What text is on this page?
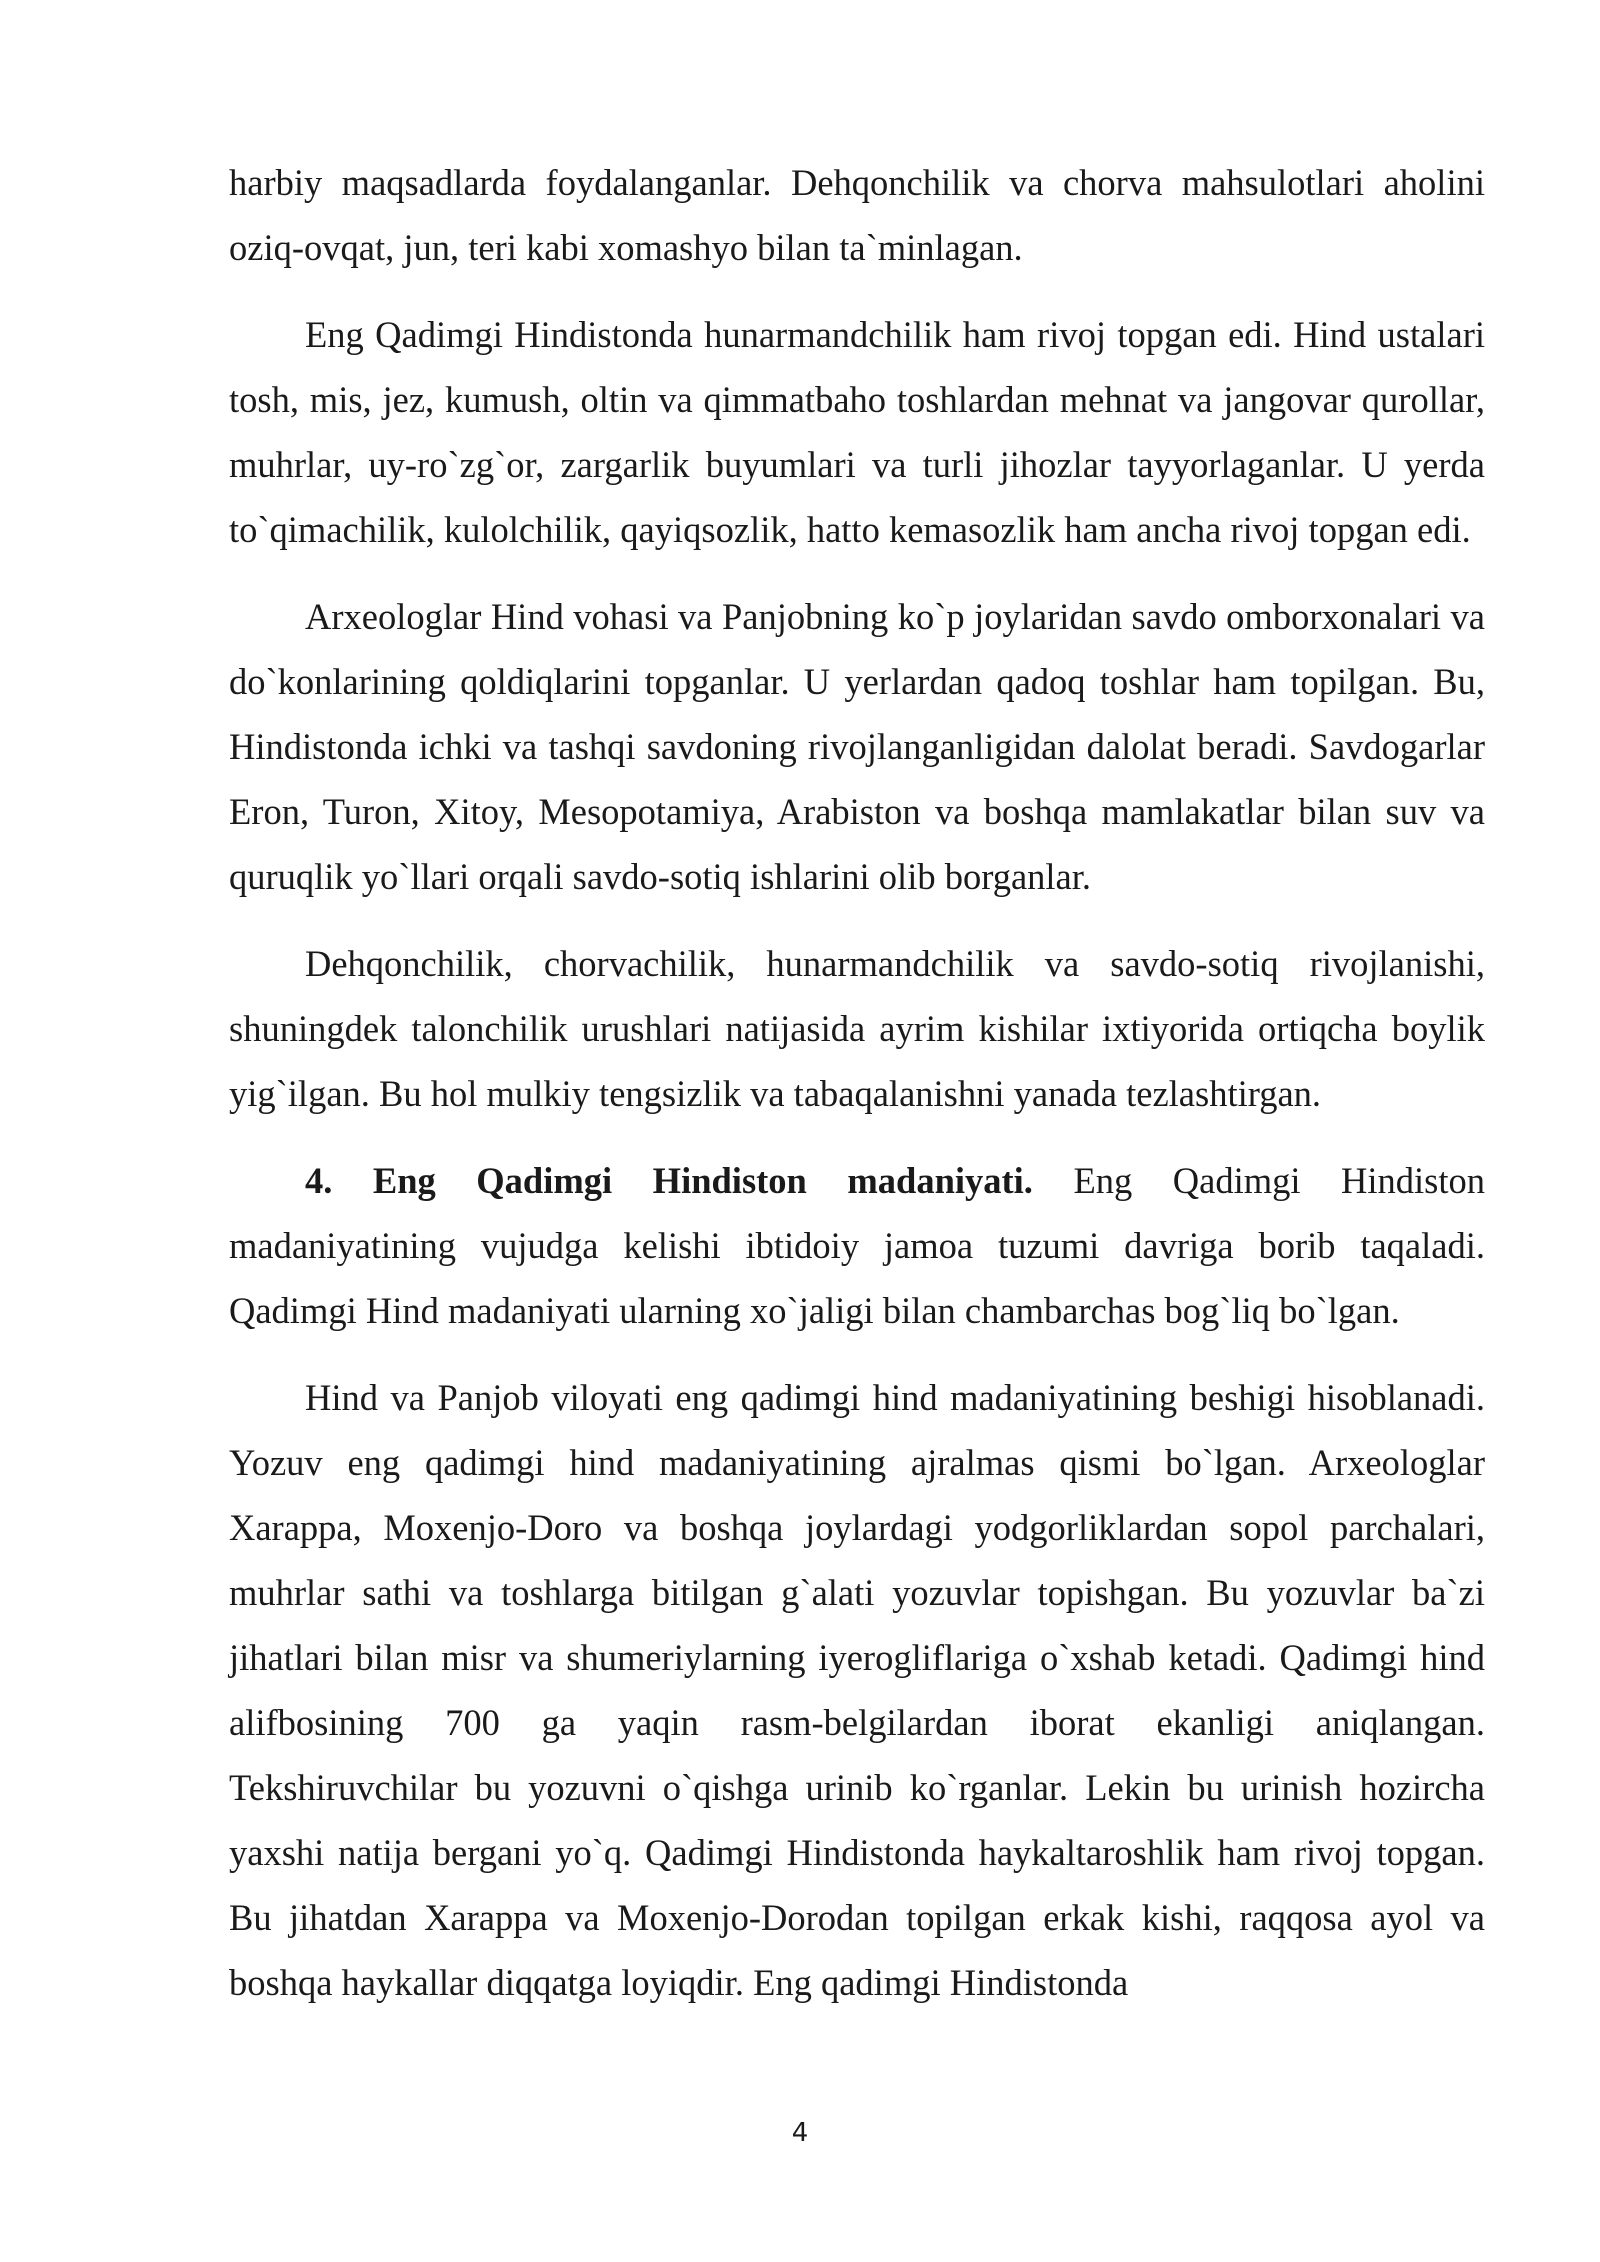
harbiy maqsadlarda foydalanganlar. Dehqonchilik va chorva mahsulotlari aholini oziq-ovqat, jun, teri kabi xomashyo bilan ta`minlagan.

Eng Qadimgi Hindistonda hunarmandchilik ham rivoj topgan edi. Hind ustalari tosh, mis, jez, kumush, oltin va qimmatbaho toshlardan mehnat va jangovar qurollar, muhrlar, uy-ro`zg`or, zargarlik buyumlari va turli jihozlar tayyorlaganlar. U yerda to`qimachilik, kulolchilik, qayiqsozlik, hatto kemasozlik ham ancha rivoj topgan edi.

Arxeologlar Hind vohasi va Panjobning ko`p joylaridan savdo omborxonalari va do`konlarining qoldiqlarini topganlar. U yerlardan qadoq toshlar ham topilgan. Bu, Hindistonda ichki va tashqi savdoning rivojlanganligidan dalolat beradi. Savdogarlar Eron, Turon, Xitoy, Mesopotamiya, Arabiston va boshqa mamlakatlar bilan suv va quruqlik yo`llari orqali savdo-sotiq ishlarini olib borganlar.

Dehqonchilik, chorvachilik, hunarmandchilik va savdo-sotiq rivojlanishi, shuningdek talonchilik urushlari natijasida ayrim kishilar ixtiyorida ortiqcha boylik yig`ilgan. Bu hol mulkiy tengsizlik va tabaqalanishni yanada tezlashtirgan.

4. Eng Qadimgi Hindiston madaniyati. Eng Qadimgi Hindiston madaniyatining vujudga kelishi ibtidoiy jamoa tuzumi davriga borib taqaladi. Qadimgi Hind madaniyati ularning xo`jaligi bilan chambarchas bog`liq bo`lgan.

Hind va Panjob viloyati eng qadimgi hind madaniyatining beshigi hisoblanadi. Yozuv eng qadimgi hind madaniyatining ajralmas qismi bo`lgan. Arxeologlar Xarappa, Moxenjo-Doro va boshqa joylardagi yodgorliklardan sopol parchalari, muhrlar sathi va toshlarga bitilgan g`alati yozuvlar topishgan. Bu yozuvlar ba`zi jihatlari bilan misr va shumeriylarning iyerogliflariga o`xshab ketadi. Qadimgi hind alifbosining 700 ga yaqin rasm-belgilardan iborat ekanligi aniqlangan. Tekshiruvchilar bu yozuvni o`qishga urinib ko`rganlar. Lekin bu urinish hozircha yaxshi natija bergani yo`q. Qadimgi Hindistonda haykaltaroshlik ham rivoj topgan. Bu jihatdan Xarappa va Moxenjo-Dorodan topilgan erkak kishi, raqqosa ayol va boshqa haykallar diqqatga loyiqdir. Eng qadimgi Hindistonda

4
